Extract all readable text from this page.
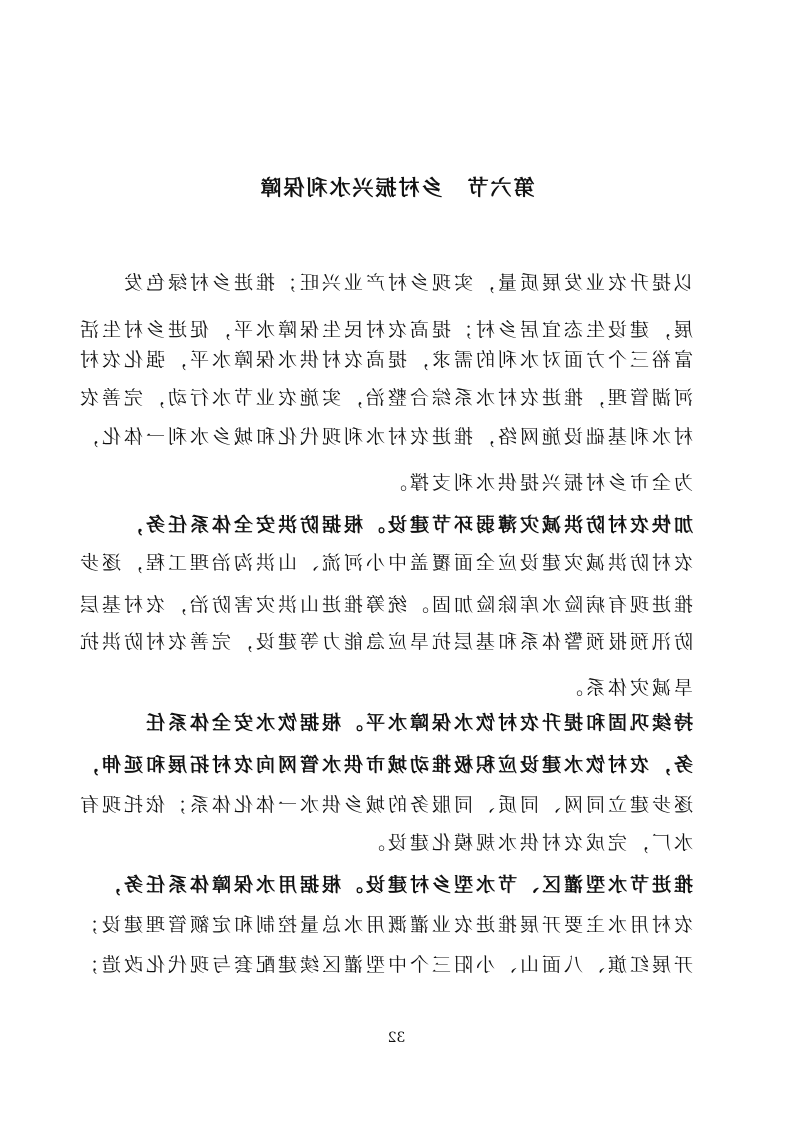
第六节　乡村振兴水利保障
以提升农业发展质量，实现乡村产业兴旺；推进乡村绿色发
展，建设生态宜居乡村；提高农村民生保障水平，促进乡村生活
富裕三个方面对水利的需求，提高农村供水保障水平，强化农村
河湖管理，推进农村水系综合整治，实施农业节水行动，完善农
村水利基础设施网络，推进农村水利现代化和城乡水利一体化，
为全市乡村振兴提供水利支撑。
加快农村防洪减灾薄弱环节建设。根据防洪安全体系任务，
农村防洪减灾建设应全面覆盖中小河流、山洪沟治理工程，逐步
推进现有病险水库除险加固。统筹推进山洪灾害防治，农村基层
防汛预报预警体系和基层抗旱应急能力等建设，完善农村防洪抗
旱减灾体系。
持续巩固和提升农村饮水保障水平。根据饮水安全体系任
务，农村饮水建设应积极推动城市供水管网向农村拓展和延伸，
逐步建立同网、同质、同服务的城乡供水一体化体系；依托现有
水厂，完成农村供水规模化建设。
推进节水型灌区、节水型乡村建设。根据用水保障体系任务，
农村用水主要开展推进农业灌溉用水总量控制和定额管理建设；
开展红旗、八面山、小阳三个中型灌区续建配套与现代化改造；
32
